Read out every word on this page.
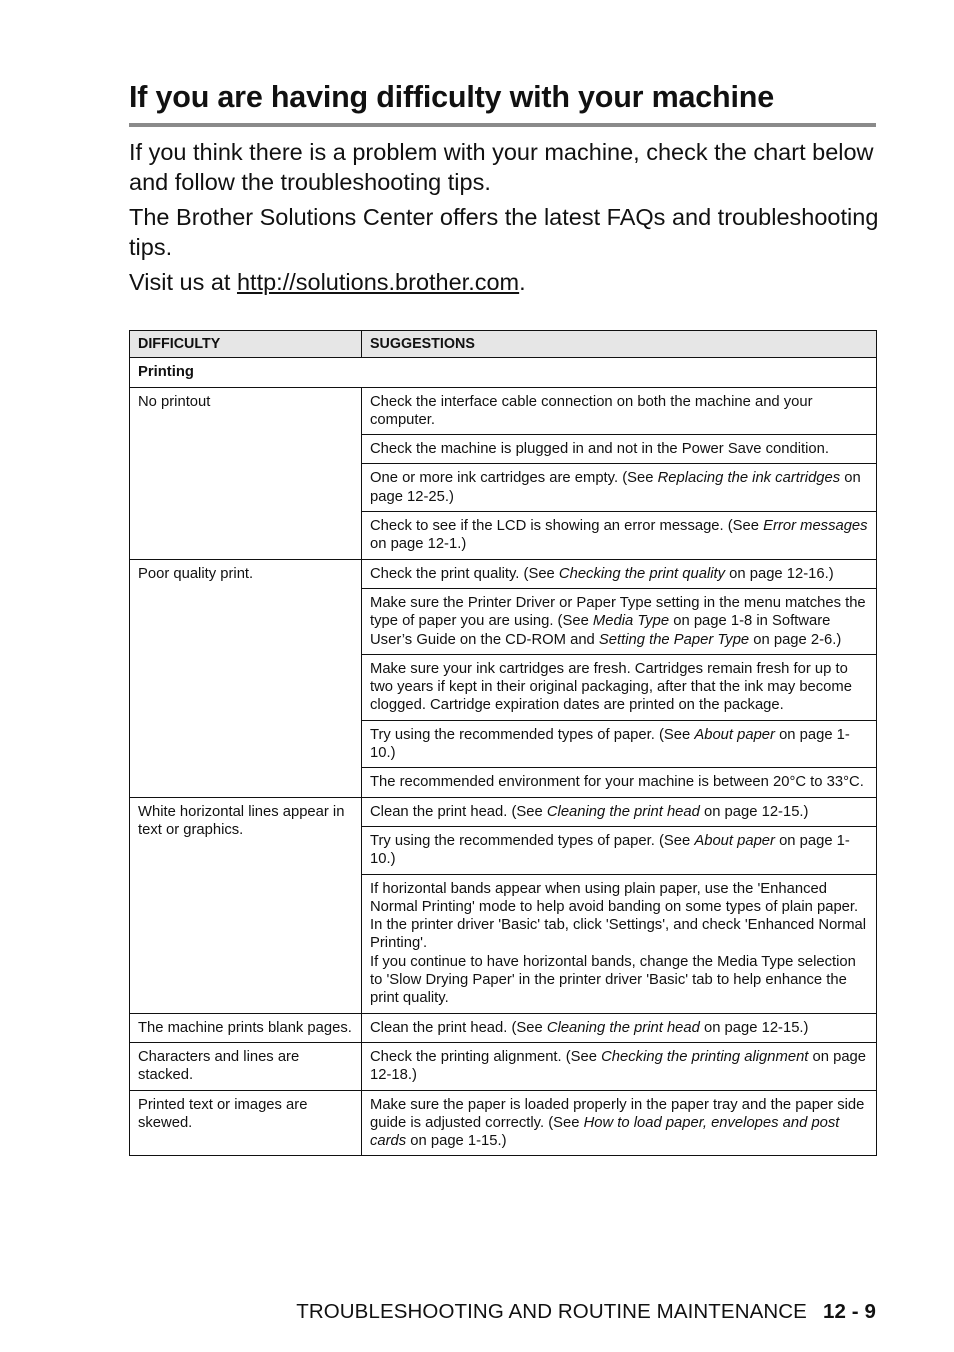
If you are having difficulty with your machine

If you think there is a problem with your machine, check the chart below and follow the troubleshooting tips.

The Brother Solutions Center offers the latest FAQs and troubleshooting tips.

Visit us at http://solutions.brother.com.

DIFFICULTY	SUGGESTIONS
Printing	
No printout	Check the interface cable connection on both the machine and your computer.
	Check the machine is plugged in and not in the Power Save condition.
	One or more ink cartridges are empty. (See Replacing the ink cartridges on page 12-25.)
	Check to see if the LCD is showing an error message. (See Error messages on page 12-1.)
Poor quality print.	Check the print quality. (See Checking the print quality on page 12-16.)
	Make sure the Printer Driver or Paper Type setting in the menu matches the type of paper you are using. (See Media Type on page 1-8 in Software User’s Guide on the CD-ROM and Setting the Paper Type on page 2-6.)
	Make sure your ink cartridges are fresh. Cartridges remain fresh for up to two years if kept in their original packaging, after that the ink may become clogged. Cartridge expiration dates are printed on the package.
	Try using the recommended types of paper. (See About paper on page 1-10.)
	The recommended environment for your machine is between 20°C to 33°C.
White horizontal lines appear in text or graphics.	Clean the print head. (See Cleaning the print head on page 12-15.)
	Try using the recommended types of paper. (See About paper on page 1-10.)
	If horizontal bands appear when using plain paper, use the 'Enhanced Normal Printing' mode to help avoid banding on some types of plain paper. In the printer driver 'Basic' tab, click 'Settings', and check 'Enhanced Normal Printing'.
If you continue to have horizontal bands, change the Media Type selection to 'Slow Drying Paper' in the printer driver 'Basic' tab to help enhance the print quality.
The machine prints blank pages.	Clean the print head. (See Cleaning the print head on page 12-15.)
Characters and lines are stacked.	Check the printing alignment. (See Checking the printing alignment on page 12-18.)
Printed text or images are skewed.	Make sure the paper is loaded properly in the paper tray and the paper side guide is adjusted correctly. (See How to load paper, envelopes and post cards on page 1-15.)
TROUBLESHOOTING AND ROUTINE MAINTENANCE 12 - 9
